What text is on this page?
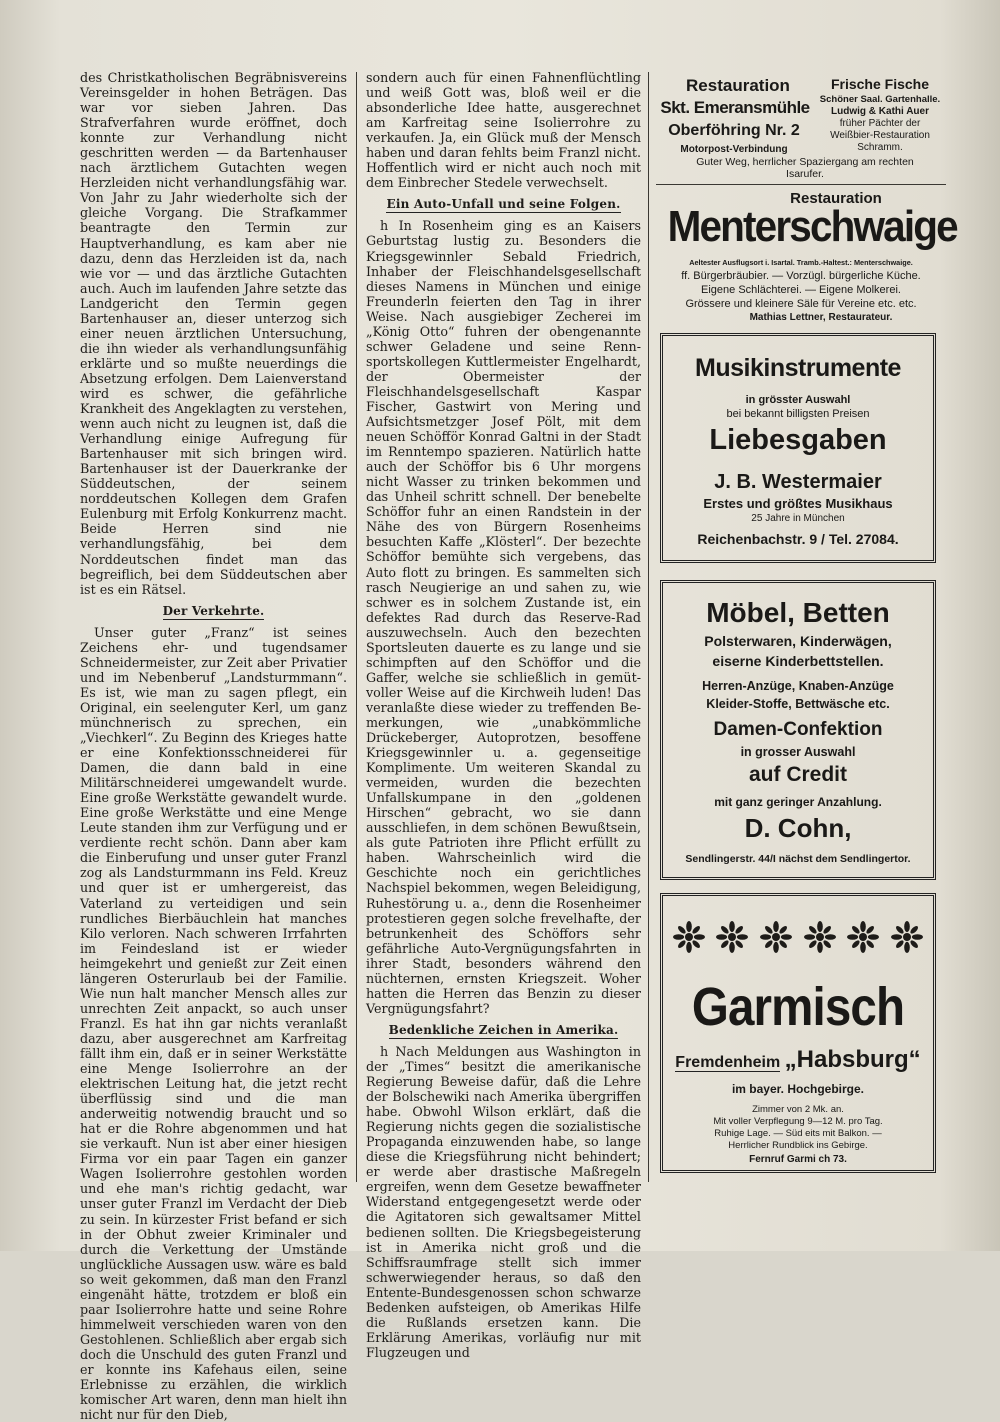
des Christkatholischen Begräbnisvereins Vereinsgelder in hohen Beträgen. Das war vor sieben Jahren. Das Strafverfahren wurde eröffnet, doch konnte zur Verhandlung nicht geschritten werden — da Bartenhauser nach ärztlichem Gutachten wegen Herzleiden nicht verhandlungsfähig war. Von Jahr zu Jahr wiederholte sich der gleiche Vorgang. Die Strafkammer beantragte den Termin zur Hauptverhandlung, es kam aber nie dazu, denn das Herzleiden ist da, nach wie vor — und das ärztliche Gutachten auch. Auch im laufenden Jahre setzte das Landgericht den Termin gegen Bartenhauser an, dieser unterzog sich einer neuen ärztlichen Untersuchung, die ihn wieder als verhandlungsunfähig erklärte und so mußte neuerdings die Absetzung erfolgen. Dem Laienverstand wird es schwer, die gefährliche Krankheit des Angeklagten zu verstehen, wenn auch nicht zu leugnen ist, daß die Verhandlung einige Aufregung für Bartenhauser mit sich bringen wird. Bartenhauser ist der Dauerkranke der Süddeutschen, der seinem norddeutschen Kollegen dem Grafen Eulenburg mit Erfolg Konkurrenz macht. Beide Herren sind nie verhandlungsfähig, bei dem Norddeutschen findet man das begreiflich, bei dem Süddeutschen aber ist es ein Rätsel.

Der Verkehrte.

Unser guter „Franz“ ist seines Zeichens ehr- und tugendsamer Schneidermeister, zur Zeit aber Privatier und im Nebenberuf „Landsturmmann“. Es ist, wie man zu sagen pflegt, ein Original, ein seelenguter Kerl, um ganz münchnerisch zu sprechen, ein „Viechkerl“. Zu Beginn des Krieges hatte er eine Konfektionsschneiderei für Damen, die dann bald in eine Militärschneiderei umgewandelt wurde. Eine große Werkstätte gewandelt wurde. Eine große Werkstätte und eine Menge Leute standen ihm zur Verfügung und er verdiente recht schön. Dann aber kam die Einberufung und unser guter Franzl zog als Landsturmmann ins Feld. Kreuz und quer ist er umhergereist, das Vaterland zu verteidigen und sein rundliches Bierbäuchlein hat manches Kilo verloren. Nach schweren Irrfahrten im Feindesland ist er wieder heimgekehrt und genießt zur Zeit einen längeren Osterurlaub bei der Familie. Wie nun halt mancher Mensch alles zur unrechten Zeit anpackt, so auch unser Franzl. Es hat ihn gar nichts veranlaßt dazu, aber ausgerechnet am Karfreitag fällt ihm ein, daß er in seiner Werkstätte eine Menge Isolierrohre an der elektrischen Leitung hat, die jetzt recht überflüssig sind und die man anderweitig notwendig braucht und so hat er die Rohre abgenommen und hat sie verkauft. Nun ist aber einer hiesigen Firma vor ein paar Tagen ein ganzer Wagen Isolierrohre gestohlen worden und ehe man's richtig gedacht, war unser guter Franzl im Verdacht der Dieb zu sein. In kürzester Frist befand er sich in der Obhut zweier Kriminaler und durch die Verkettung der Umstände unglückliche Aussagen usw. wäre es bald so weit gekommen, daß man den Franzl eingenäht hätte, trotzdem er bloß ein paar Isolierrohre hatte und seine Rohre himmelweit verschieden waren von den Gestohlenen. Schließlich aber ergab sich doch die Unschuld des guten Franzl und er konnte ins Kafehaus eilen, seine Erlebnisse zu erzählen, die wirklich komischer Art waren, denn man hielt ihn nicht nur für den Dieb,

sondern auch für einen Fahnenflüchtling und weiß Gott was, bloß weil er die absonderliche Idee hatte, ausgerechnet am Karfreitag seine Isolierrohre zu verkaufen. Ja, ein Glück muß der Mensch haben und daran fehlts beim Franzl nicht. Hoffentlich wird er nicht auch noch mit dem Einbrecher Stedele verwechselt.

Ein Auto-Unfall und seine Folgen.

h In Rosenheim ging es an Kaisers Geburtstag lustig zu. Besonders die Kriegsgewinnler Sebald Friedrich, Inhaber der Fleischhandelsgesellschaft dieses Namens in München und einige Freunderln feierten den Tag in ihrer Weise. Nach ausgiebiger Zecherei im „König Otto“ fuhren der obengenannte schwer Geladene und seine Rennsportskollegen Kuttlermeister Engelhardt, der Obermeister der Fleischhandelsgesellschaft Kaspar Fischer, Gastwirt von Mering und Aufsichtsmetzger Josef Pölt, mit dem neuen Schöfför Konrad Galtni in der Stadt im Renntempo spazieren. Natürlich hatte auch der Schöffor bis 6 Uhr morgens nicht Wasser zu trinken bekommen und das Unheil schritt schnell. Der benebelte Schöffor fuhr an einen Randstein in der Nähe des von Bürgern Rosenheims besuchten Kaffe „Klösterl“. Der bezechte Schöffor bemühte sich vergebens, das Auto flott zu bringen. Es sammelten sich rasch Neugierige an und sahen zu, wie schwer es in solchem Zustande ist, ein defektes Rad durch das Reserve-Rad auszuwechseln. Auch den bezechten Sportsleuten dauerte es zu lange und sie schimpften auf den Schöffor und die Gaffer, welche sie schließlich in gemütvoller Weise auf die Kirchweih luden! Das veranlaßte diese wieder zu treffenden Bemerkungen, wie „unabkömmliche Drückeberger, Autoprotzen, besoffene Kriegsgewinnler u. a. gegenseitige Komplimente. Um weiteren Skandal zu vermeiden, wurden die bezechten Unfallskumpane in den „goldenen Hirschen“ gebracht, wo sie dann ausschliefen, in dem schönen Bewußtsein, als gute Patrioten ihre Pflicht erfüllt zu haben. Wahrscheinlich wird die Geschichte noch ein gerichtliches Nachspiel bekommen, wegen Beleidigung, Ruhestörung u. a., denn die Rosenheimer protestieren gegen solche frevelhafte, der betrunkenheit des Schöffors sehr gefährliche Auto-Vergnügungsfahrten in ihrer Stadt, besonders während den nüchternen, ernsten Kriegszeit. Woher hatten die Herren das Benzin zu dieser Vergnügungsfahrt?

Bedenkliche Zeichen in Amerika.

h Nach Meldungen aus Washington in der „Times“ besitzt die amerikanische Regierung Beweise dafür, daß die Lehre der Bolschewiki nach Amerika übergriffen habe. Obwohl Wilson erklärt, daß die Regierung nichts gegen die sozialistische Propaganda einzuwenden habe, so lange diese die Kriegsführung nicht behindert; er werde aber drastische Maßregeln ergreifen, wenn dem Gesetze bewaffneter Widerstand entgegengesetzt werde oder die Agitatoren sich gewaltsamer Mittel bedienen sollten. Die Kriegsbegeisterung ist in Amerika nicht groß und die Schiffsraumfrage stellt sich immer schwerwiegender heraus, so daß den Entente-Bundesgenossen schon schwarze Bedenken aufsteigen, ob Amerikas Hilfe die Rußlands ersetzen kann. Die Erklärung Amerikas, vorläufig nur mit Flugzeugen und

Restauration
Skt. Emeransmühle
Oberföhring Nr. 2
Motorpost-Verbindung
Frische Fische
Schöner Saal. Gartenhalle.
Ludwig & Kathi Auer
früher Pächter der
Weißbier-Restauration
Schramm.
Guter Weg, herrlicher Spaziergang am rechten
Isarufer.
Restauration
Menterschwaige
Aeltester Ausflugsort i. Isartal. Tramb.-Haltest.: Menterschwaige.
ff. Bürgerbräubier. — Vorzügl. bürgerliche Küche.
Eigene Schlächterei. — Eigene Molkerei.
Grössere und kleinere Säle für Vereine etc. etc.
Mathias Lettner, Restaurateur.
Musikinstrumente
in grösster Auswahl
bei bekannt billigsten Preisen
Liebesgaben
J. B. Westermaier
Erstes und größtes Musikhaus
25 Jahre in München
Reichenbachstr. 9 / Tel. 27084.
Möbel, Betten
Polsterwaren, Kinderwägen,
eiserne Kinderbettstellen.
Herren-Anzüge, Knaben-Anzüge
Kleider-Stoffe, Bettwäsche etc.
Damen-Confektion
in grosser Auswahl
auf Credit
mit ganz geringer Anzahlung.
D. Cohn,
Sendlingerstr. 44/I nächst dem Sendlingertor.
Garmisch
Fremdenheim „Habsburg“
im bayer. Hochgebirge.
Zimmer von 2 Mk. an.
Mit voller Verpflegung 9—12 M. pro Tag.
Ruhige Lage. — Süd eits mit Balkon. —
Herrlicher Rundblick ins Gebirge.
Fernruf Garmi ch 73.
